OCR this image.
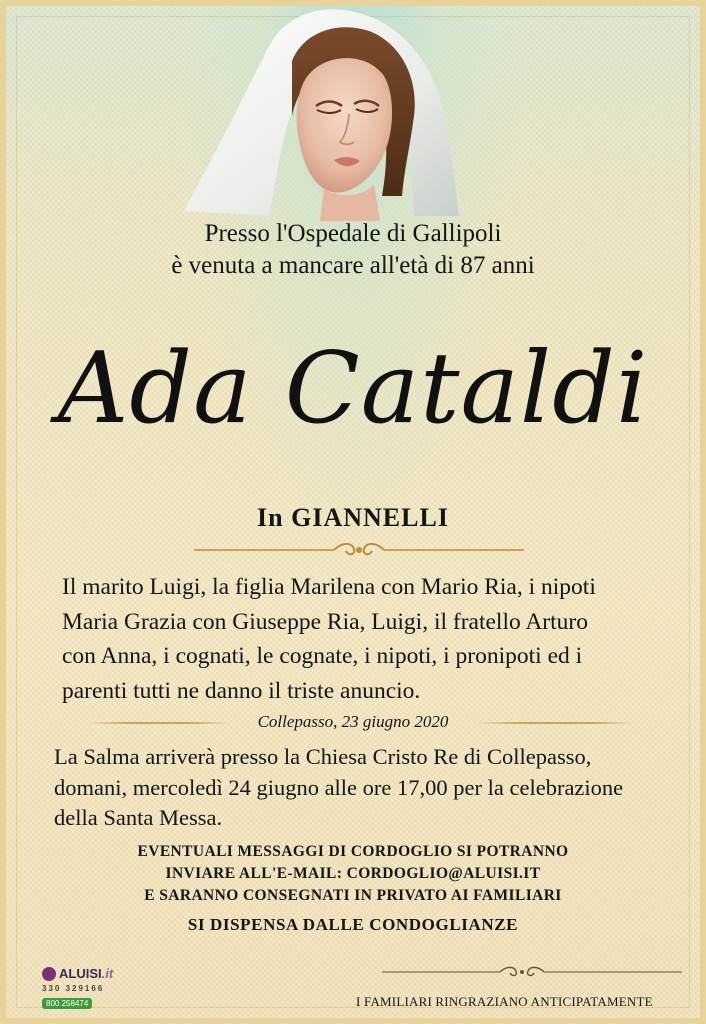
Presso l'Ospedale di Gallipoli
è venuta a mancare all'età di 87 anni
Ada Cataldi
In GIANNELLI
Il marito Luigi, la figlia Marilena con Mario Ria, i nipoti
Maria Grazia con Giuseppe Ria, Luigi, il fratello Arturo
con Anna, i cognati, le cognate, i nipoti, i pronipoti ed i
parenti tutti ne danno il triste anuncio.
Collepasso, 23 giugno 2020
La Salma arriverà presso la Chiesa Cristo Re di Collepasso,
domani, mercoledì 24 giugno alle ore 17,00 per la celebrazione
della Santa Messa.
EVENTUALI MESSAGGI DI CORDOGLIO SI POTRANNO
INVIARE ALL'E-MAIL: CORDOGLIO@ALUISI.IT
E SARANNO CONSEGNATI IN PRIVATO AI FAMILIARI
SI DISPENSA DALLE CONDOGLIANZE
ALUISI.it
330 329166
800 258474	I FAMILIARI RINGRAZIANO ANTICIPATAMENTE
